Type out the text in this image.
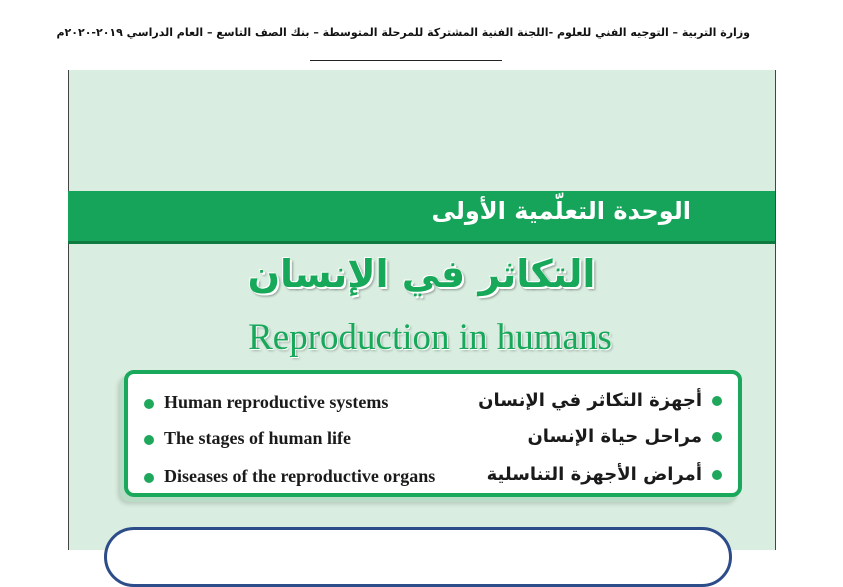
وزارة التربية – التوجيه الفني للعلوم -اللجنة الفنية المشتركة للمرحلة المتوسطة – بنك الصف التاسع – العام الدراسي ٢٠١٩-٢٠٢٠م
الوحدة التعلّمية الأولى
التكاثر في الإنسان
Reproduction in humans
Human reproductive systems	أجهزة التكاثر في الإنسان
The stages of human life	مراحل حياة الإنسان
Diseases of the reproductive organs	أمراض الأجهزة التناسلية
